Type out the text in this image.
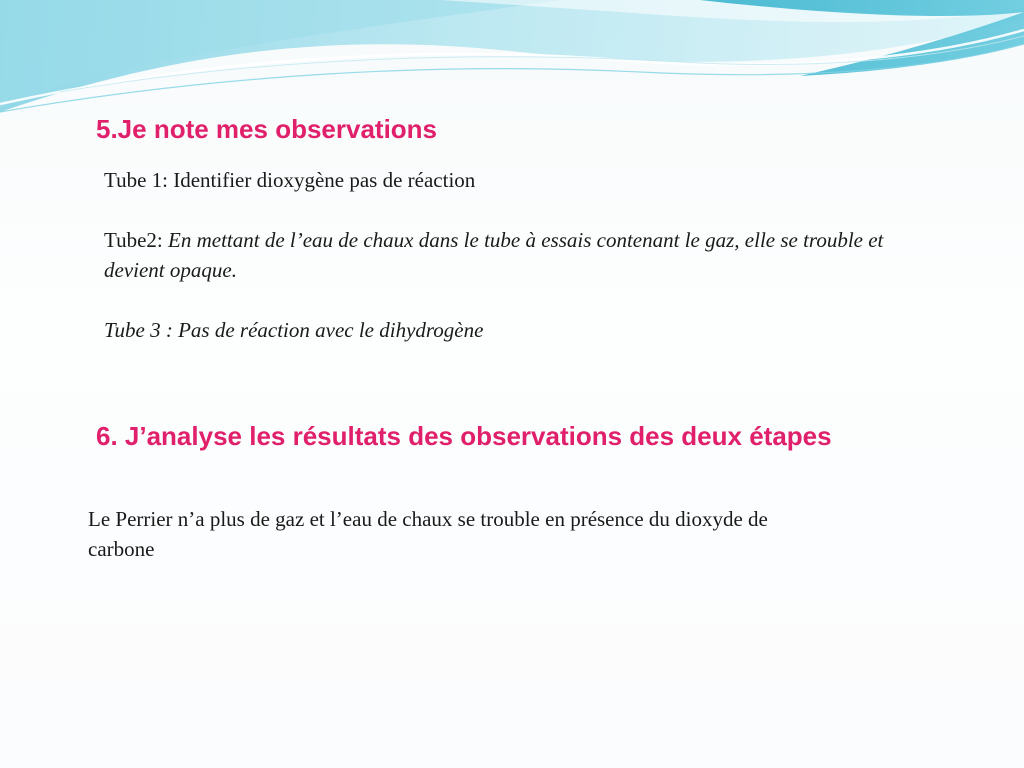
5.Je note mes observations

Tube 1: Identifier dioxygène pas de réaction

Tube2: En mettant de l’eau de chaux dans le tube à essais contenant le gaz, elle se trouble et devient opaque.

Tube 3 : Pas de réaction avec le dihydrogène

6. J’analyse les résultats des observations des deux étapes

Le Perrier n’a plus de gaz et l’eau de chaux se trouble en présence du dioxyde de carbone
